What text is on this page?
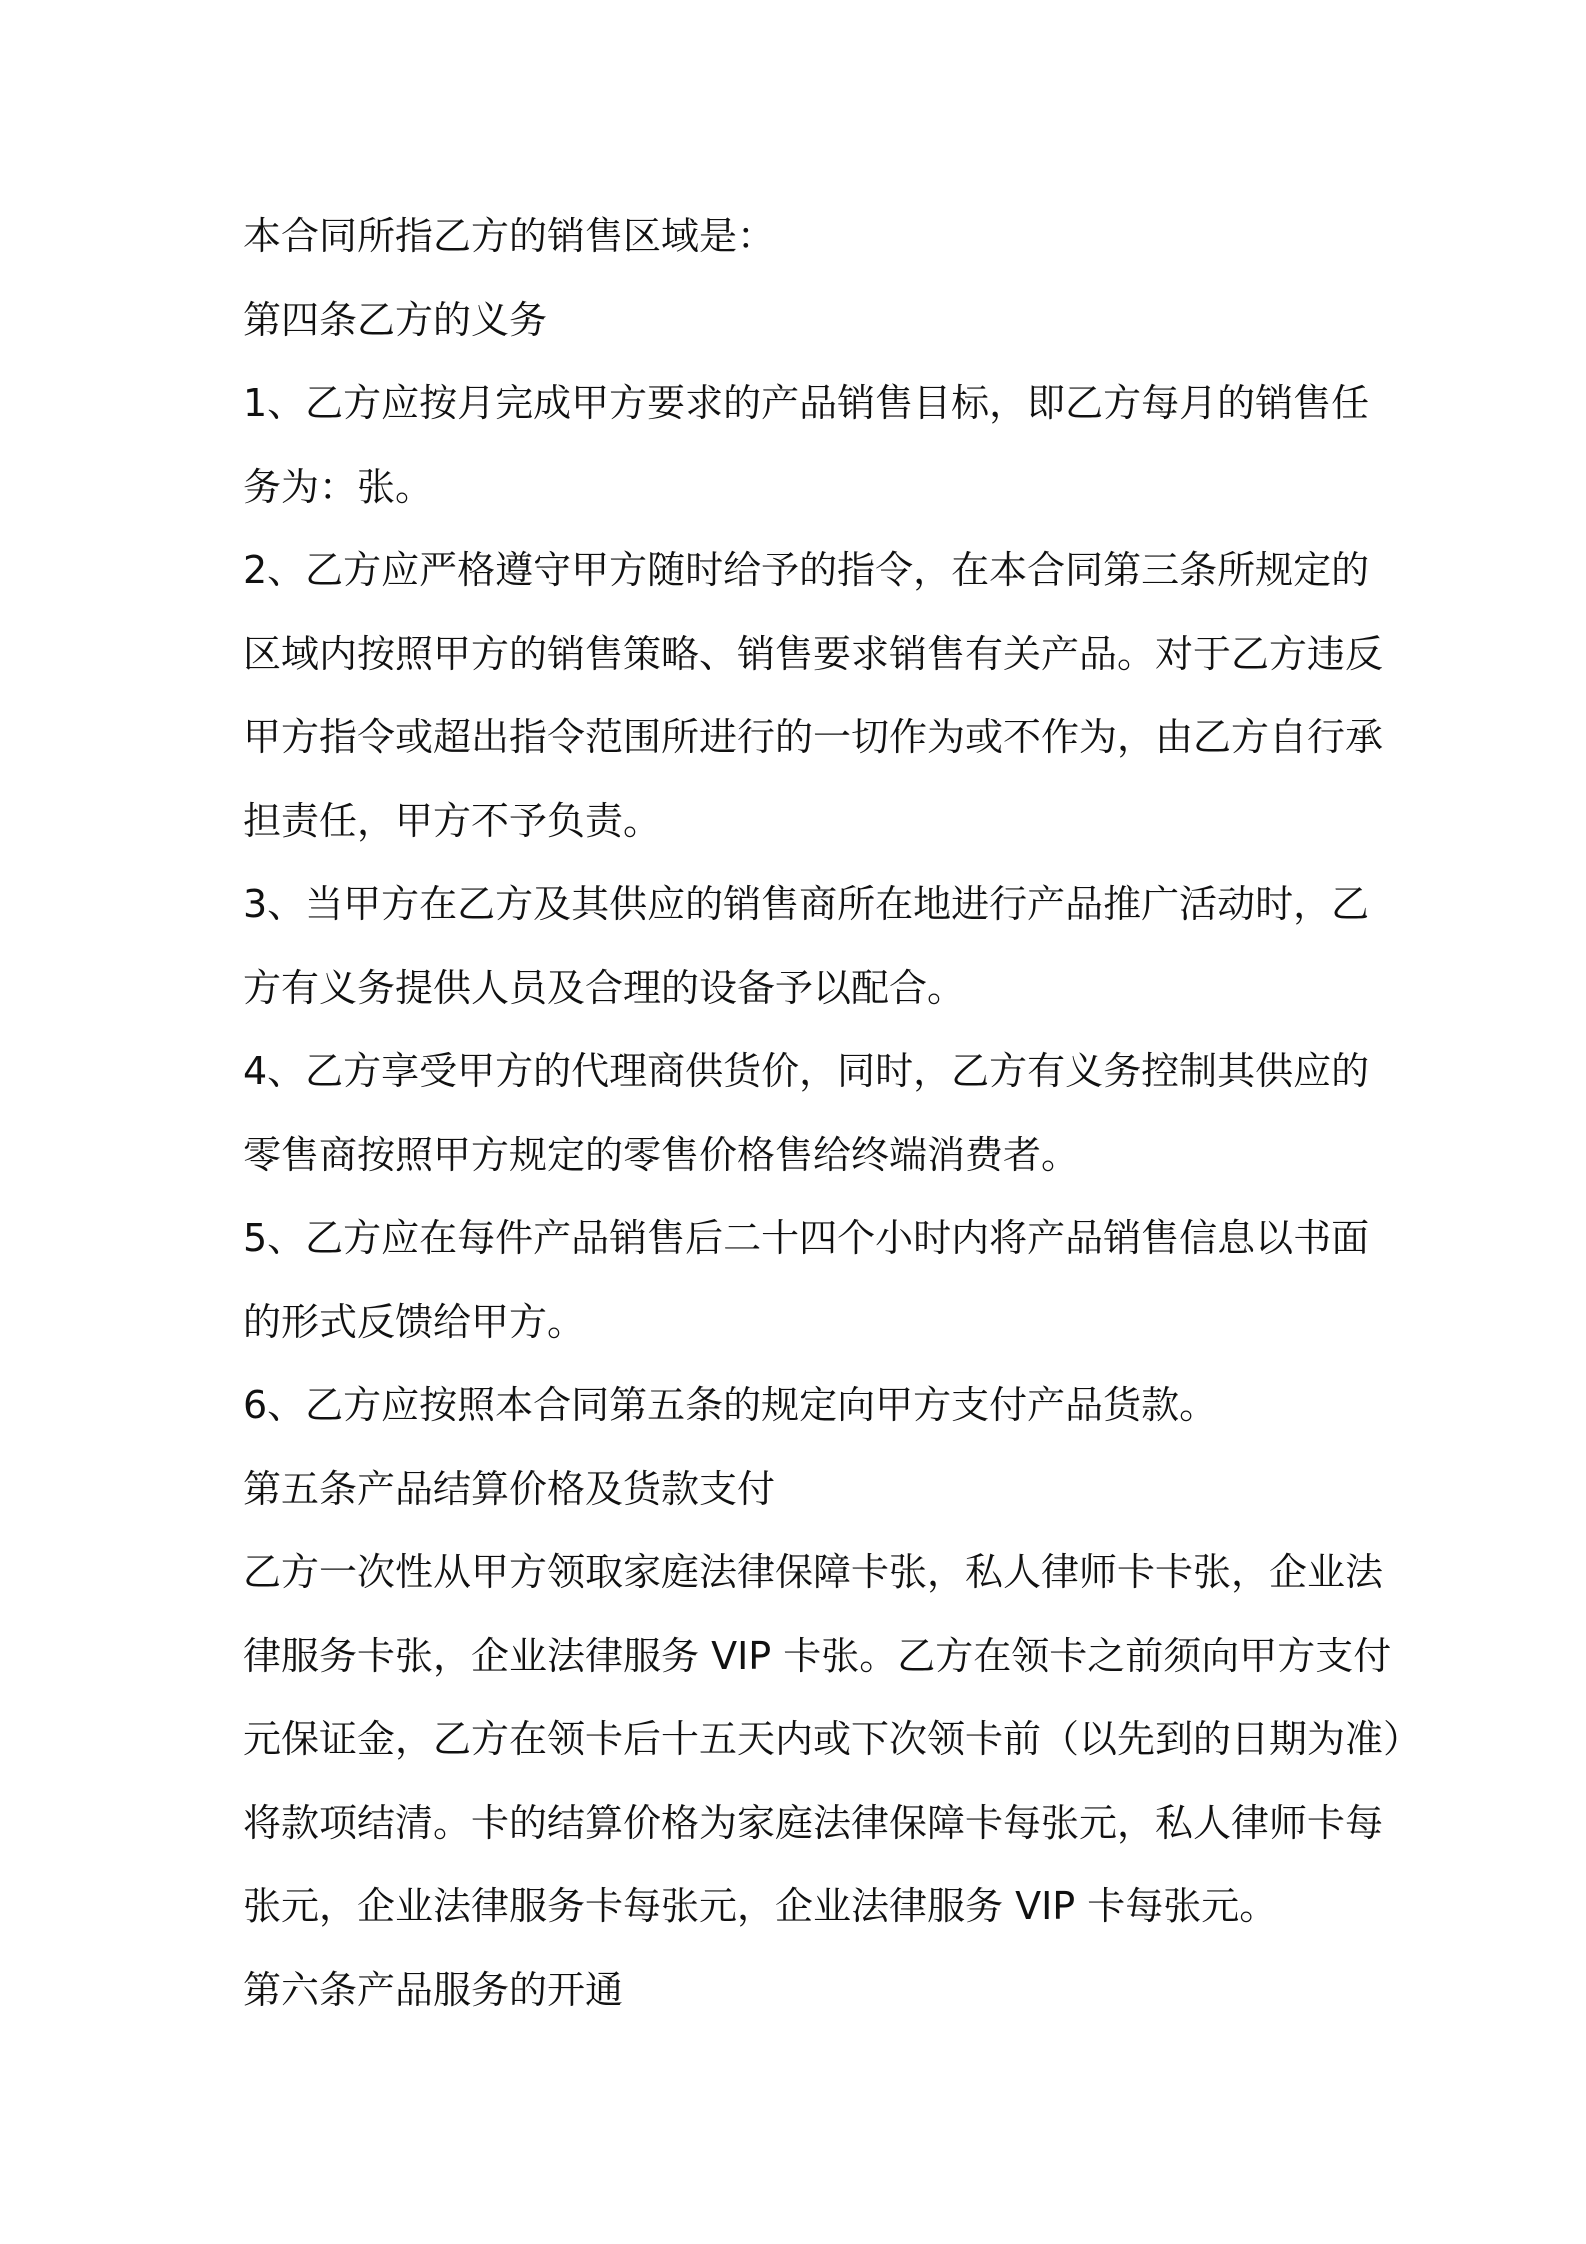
本合同所指乙方的销售区域是：
第四条乙方的义务
1、乙方应按月完成甲方要求的产品销售目标，即乙方每月的销售任
务为：张。
2、乙方应严格遵守甲方随时给予的指令，在本合同第三条所规定的
区域内按照甲方的销售策略、销售要求销售有关产品。对于乙方违反
甲方指令或超出指令范围所进行的一切作为或不作为，由乙方自行承
担责任，甲方不予负责。
3、当甲方在乙方及其供应的销售商所在地进行产品推广活动时，乙
方有义务提供人员及合理的设备予以配合。
4、乙方享受甲方的代理商供货价，同时，乙方有义务控制其供应的
零售商按照甲方规定的零售价格售给终端消费者。
5、乙方应在每件产品销售后二十四个小时内将产品销售信息以书面
的形式反馈给甲方。
6、乙方应按照本合同第五条的规定向甲方支付产品货款。
第五条产品结算价格及货款支付
乙方一次性从甲方领取家庭法律保障卡张，私人律师卡卡张，企业法
律服务卡张，企业法律服务 VIP 卡张。乙方在领卡之前须向甲方支付
元保证金，乙方在领卡后十五天内或下次领卡前（以先到的日期为准）
将款项结清。卡的结算价格为家庭法律保障卡每张元，私人律师卡每
张元，企业法律服务卡每张元，企业法律服务 VIP 卡每张元。
第六条产品服务的开通
